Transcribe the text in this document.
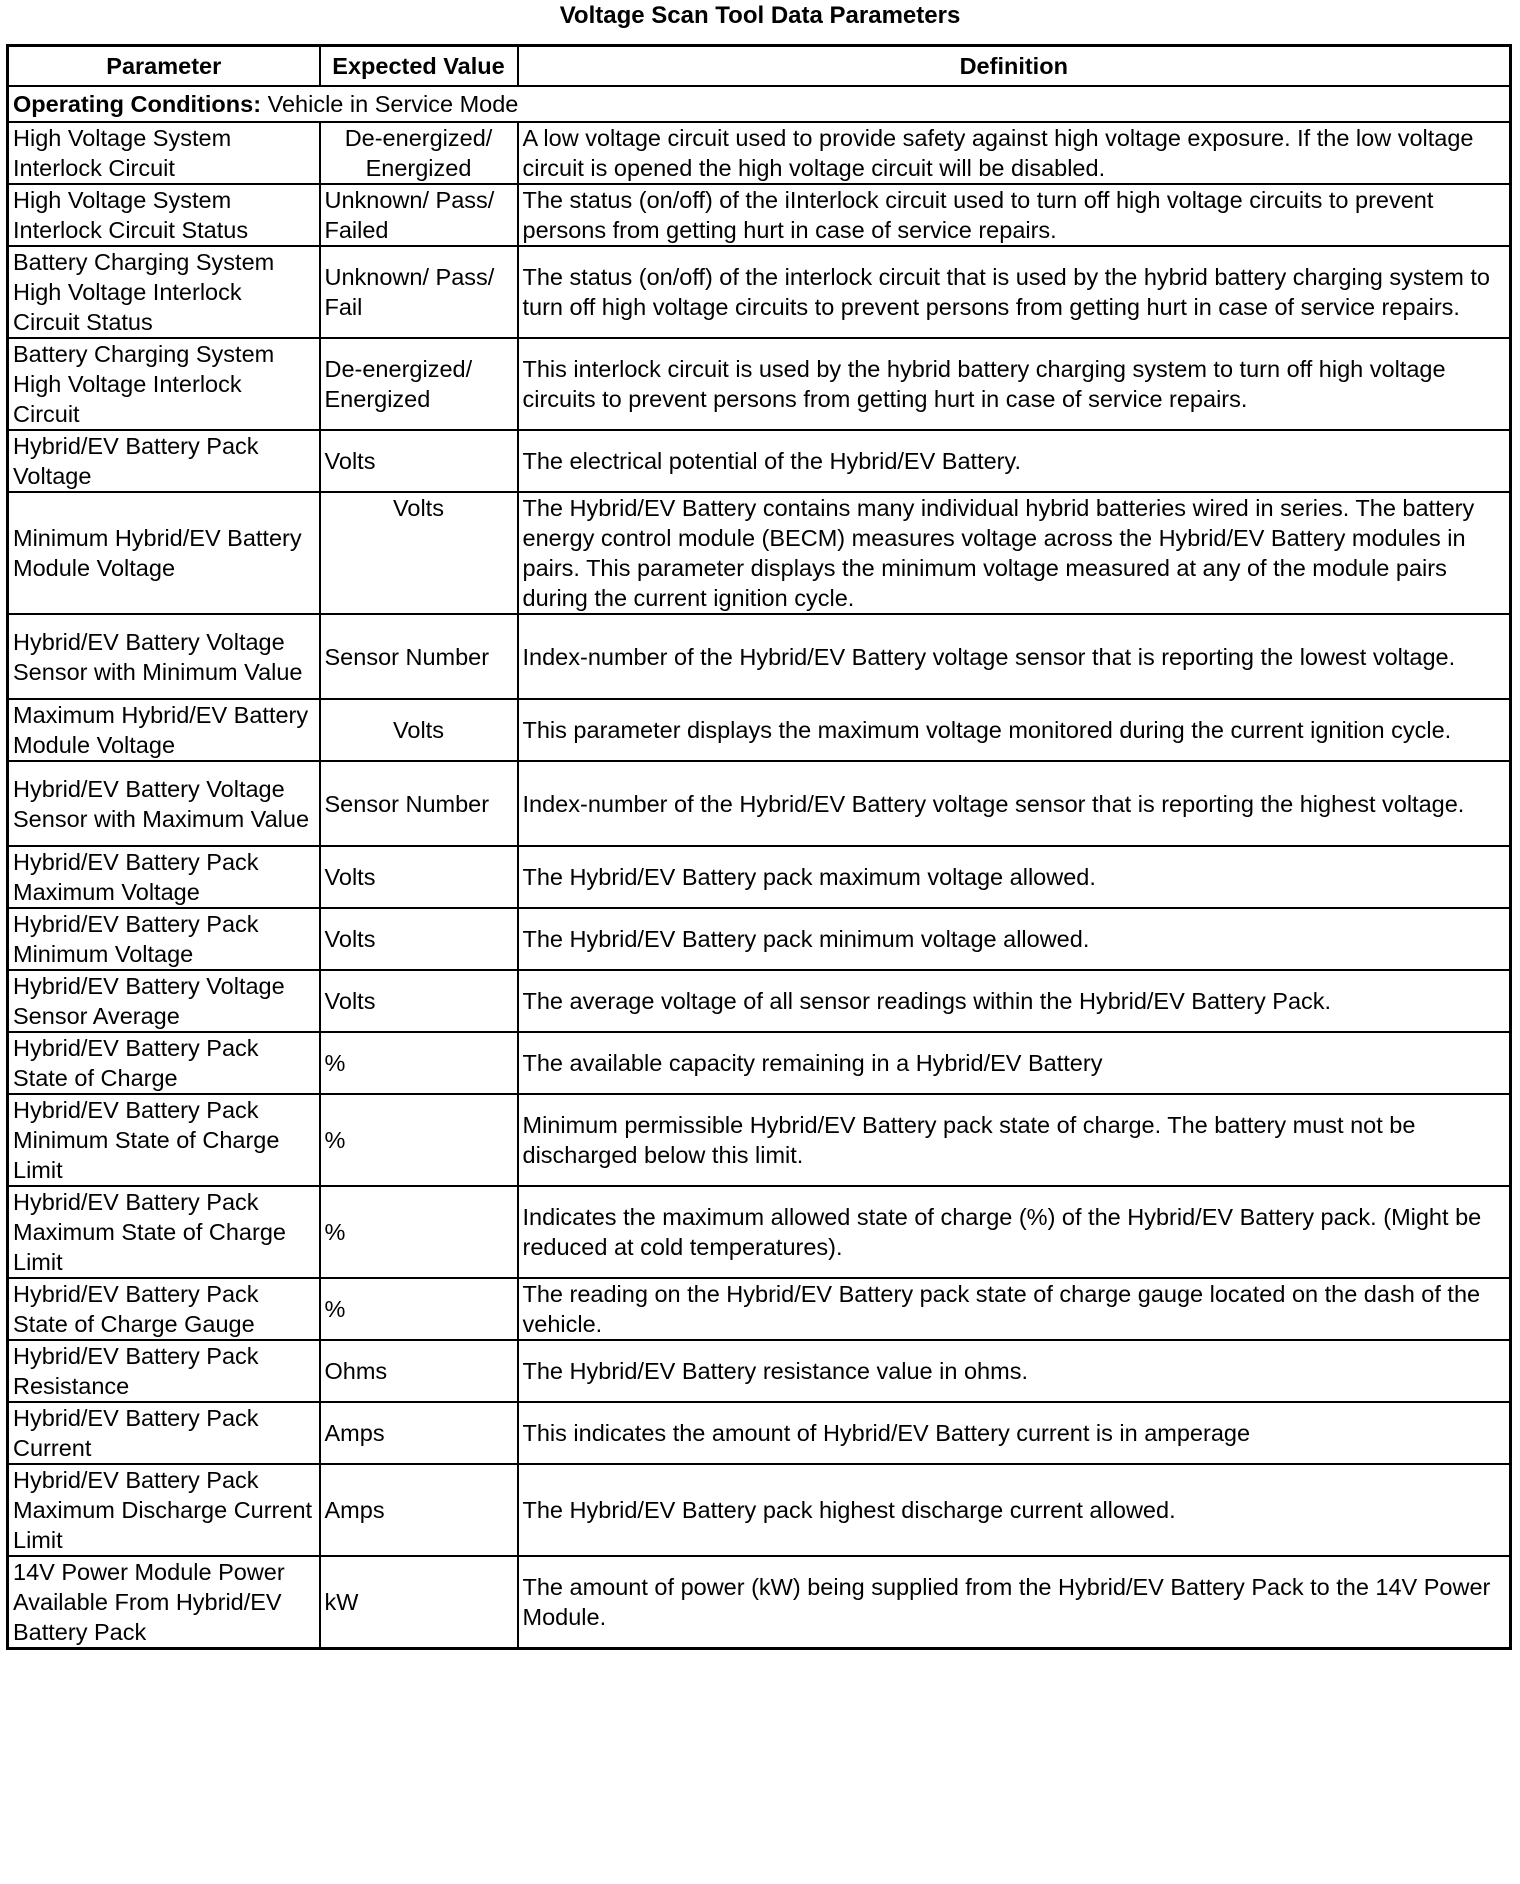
Voltage Scan Tool Data Parameters
Parameter	Expected Value	Definition
Operating Conditions: Vehicle in Service Mode		
High Voltage System Interlock Circuit	De-energized/ Energized	A low voltage circuit used to provide safety against high voltage exposure. If the low voltage circuit is opened the high voltage circuit will be disabled.
High Voltage System Interlock Circuit Status	Unknown/ Pass/ Failed	The status (on/off) of the iInterlock circuit used to turn off high voltage circuits to prevent persons from getting hurt in case of service repairs.
Battery Charging System High Voltage Interlock Circuit Status	Unknown/ Pass/ Fail	The status (on/off) of the interlock circuit that is used by the hybrid battery charging system to turn off high voltage circuits to prevent persons from getting hurt in case of service repairs.
Battery Charging System High Voltage Interlock Circuit	De-energized/ Energized	This interlock circuit is used by the hybrid battery charging system to turn off high voltage circuits to prevent persons from getting hurt in case of service repairs.
Hybrid/EV Battery Pack Voltage	Volts	The electrical potential of the Hybrid/EV Battery.
Minimum Hybrid/EV Battery Module Voltage	Volts	The Hybrid/EV Battery contains many individual hybrid batteries wired in series. The battery energy control module (BECM) measures voltage across the Hybrid/EV Battery modules in pairs. This parameter displays the minimum voltage measured at any of the module pairs during the current ignition cycle.
Hybrid/EV Battery Voltage Sensor with Minimum Value	Sensor Number	Index-number of the Hybrid/EV Battery voltage sensor that is reporting the lowest voltage.
Maximum Hybrid/EV Battery Module Voltage	Volts	This parameter displays the maximum voltage monitored during the current ignition cycle.
Hybrid/EV Battery Voltage Sensor with Maximum Value	Sensor Number	Index-number of the Hybrid/EV Battery voltage sensor that is reporting the highest voltage.
Hybrid/EV Battery Pack Maximum Voltage	Volts	The Hybrid/EV Battery pack maximum voltage allowed.
Hybrid/EV Battery Pack Minimum Voltage	Volts	The Hybrid/EV Battery pack minimum voltage allowed.
Hybrid/EV Battery Voltage Sensor Average	Volts	The average voltage of all sensor readings within the Hybrid/EV Battery Pack.
Hybrid/EV Battery Pack State of Charge	%	The available capacity remaining in a Hybrid/EV Battery
Hybrid/EV Battery Pack Minimum State of Charge Limit	%	Minimum permissible Hybrid/EV Battery pack state of charge. The battery must not be discharged below this limit.
Hybrid/EV Battery Pack Maximum State of Charge Limit	%	Indicates the maximum allowed state of charge (%) of the Hybrid/EV Battery pack. (Might be reduced at cold temperatures).
Hybrid/EV Battery Pack State of Charge Gauge	%	The reading on the Hybrid/EV Battery pack state of charge gauge located on the dash of the vehicle.
Hybrid/EV Battery Pack Resistance	Ohms	The Hybrid/EV Battery resistance value in ohms.
Hybrid/EV Battery Pack Current	Amps	This indicates the amount of Hybrid/EV Battery current is in amperage
Hybrid/EV Battery Pack Maximum Discharge Current Limit	Amps	The Hybrid/EV Battery pack highest discharge current allowed.
14V Power Module Power Available From Hybrid/EV Battery Pack	kW	The amount of power (kW) being supplied from the Hybrid/EV Battery Pack to the 14V Power Module.
